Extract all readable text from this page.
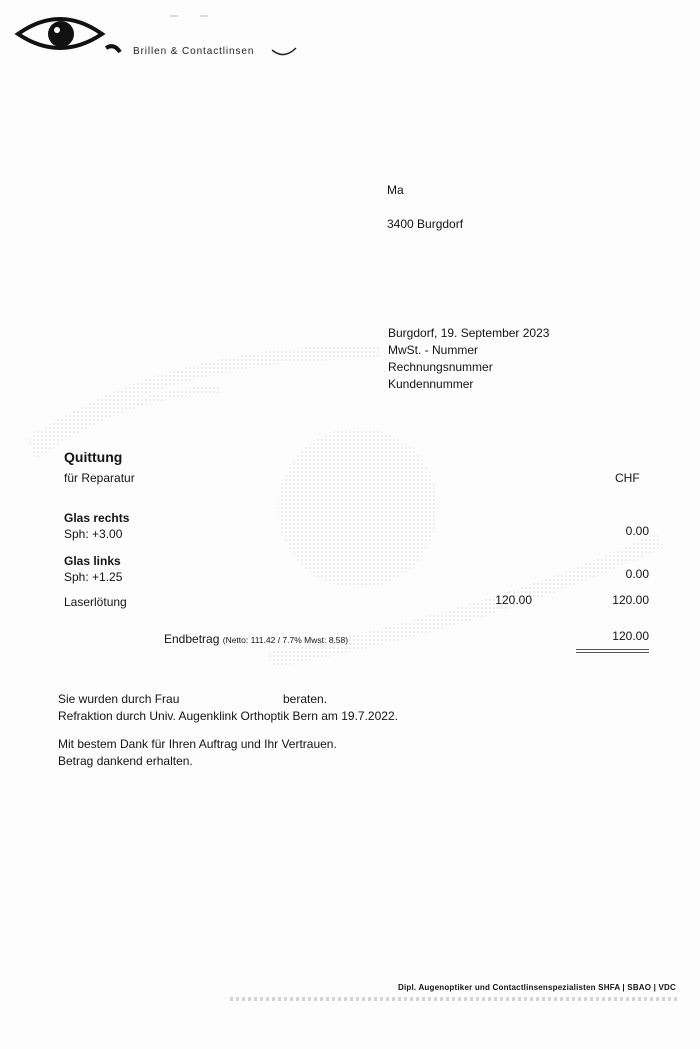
Brillen & Contactlinsen
Ma
3400 Burgdorf
Burgdorf, 19. September 2023
MwSt. - Nummer
Rechnungsnummer
Kundennummer
Quittung
für Reparatur	CHF
Glas rechts
Sph: +3.00	0.00
Glas links
Sph: +1.25	0.00
Laserlötung	120.00	120.00
Endbetrag (Netto: 111.42 / 7.7% Mwst: 8.58)	120.00
Sie wurden durch Frau	beraten.
Refraktion durch Univ. Augenklink Orthoptik Bern am 19.7.2022.
Mit bestem Dank für Ihren Auftrag und Ihr Vertrauen.
Betrag dankend erhalten.
Dipl. Augenoptiker und Contactlinsenspezialisten SHFA | SBAO | VDC
